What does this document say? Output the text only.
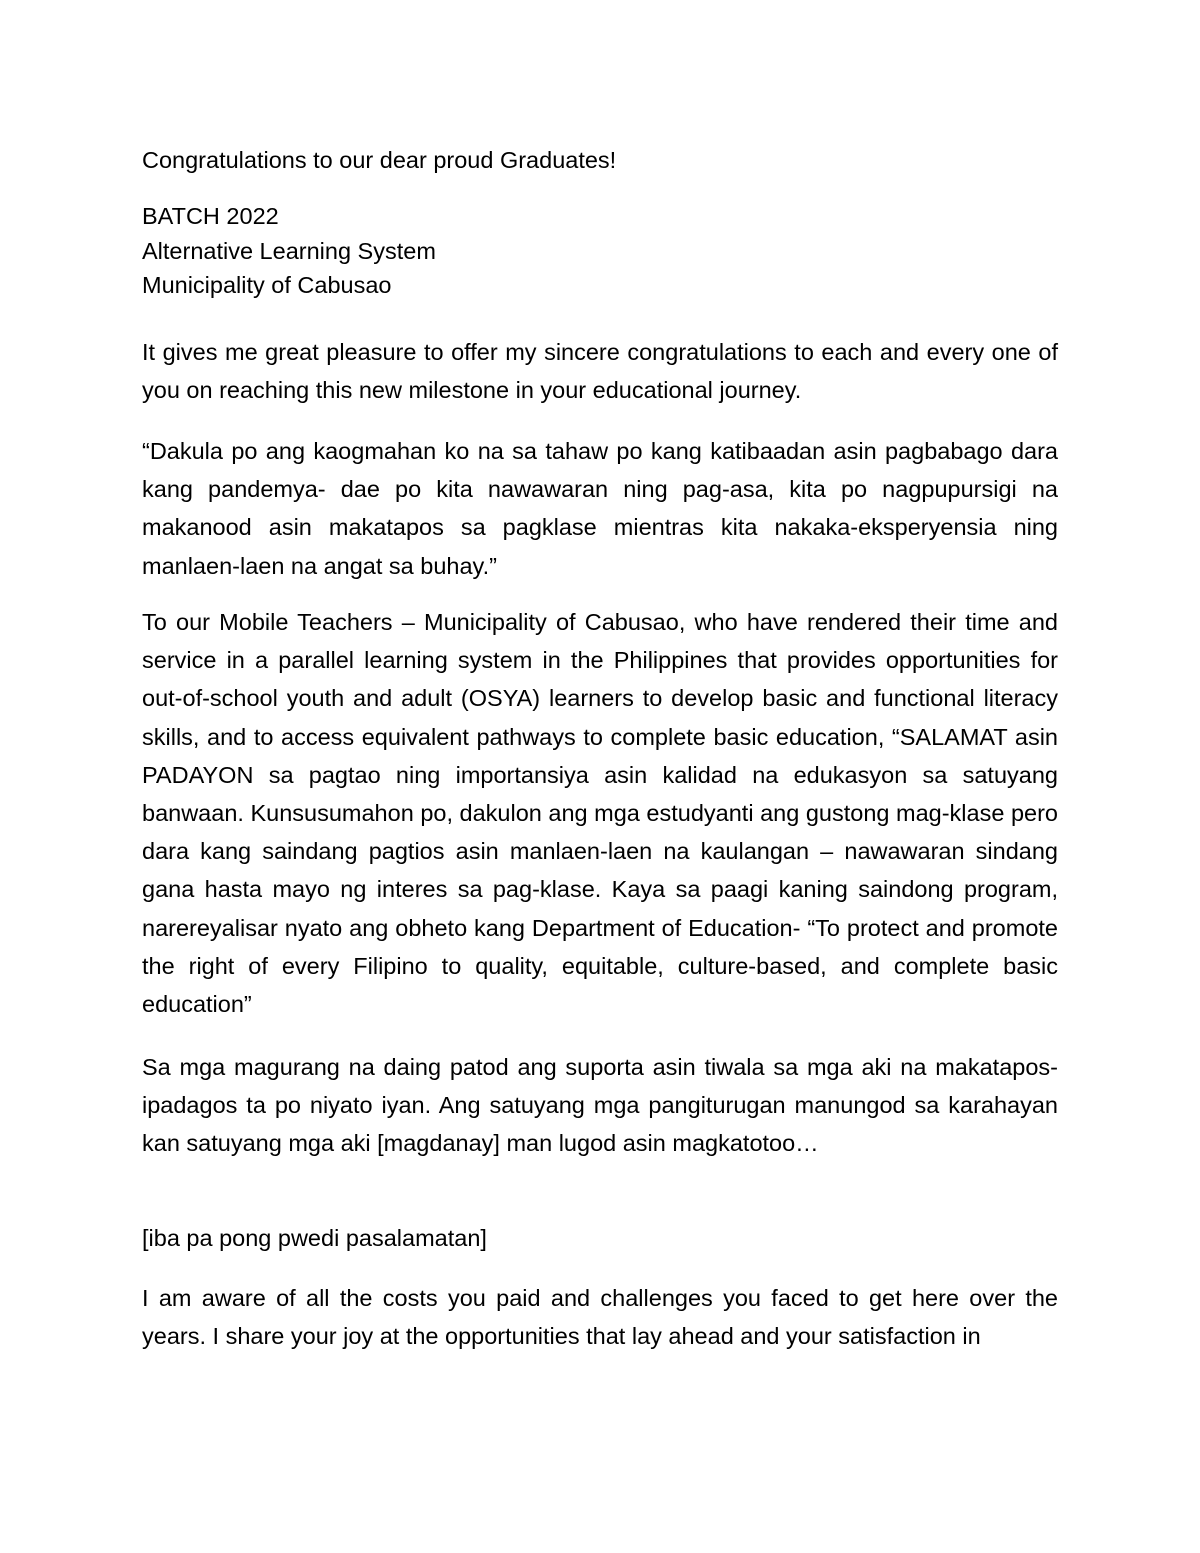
Congratulations to our dear proud Graduates!
BATCH 2022
Alternative Learning System
Municipality of Cabusao

It gives me great pleasure to offer my sincere congratulations to each and every one of you on reaching this new milestone in your educational journey.

“Dakula po ang kaogmahan ko na sa tahaw po kang katibaadan asin pagbabago dara kang pandemya- dae po kita nawawaran ning pag-asa, kita po nagpupursigi na makanood asin makatapos sa pagklase mientras kita nakaka-eksperyensia ning manlaen-laen na angat sa buhay.”

To our Mobile Teachers – Municipality of Cabusao, who have rendered their time and service in a parallel learning system in the Philippines that provides opportunities for out-of-school youth and adult (OSYA) learners to develop basic and functional literacy skills, and to access equivalent pathways to complete basic education, “SALAMAT asin PADAYON sa pagtao ning importansiya asin kalidad na edukasyon sa satuyang banwaan. Kunsusumahon po, dakulon ang mga estudyanti ang gustong mag-klase pero dara kang saindang pagtios asin manlaen-laen na kaulangan – nawawaran sindang gana hasta mayo ng interes sa pag-klase. Kaya sa paagi kaning saindong program, narereyalisar nyato ang obheto kang Department of Education- “To protect and promote the right of every Filipino to quality, equitable, culture-based, and complete basic education”

Sa mga magurang na daing patod ang suporta asin tiwala sa mga aki na makatapos- ipadagos ta po niyato iyan. Ang satuyang mga pangiturugan manungod sa karahayan kan satuyang mga aki [magdanay] man lugod asin magkatotoo…

[iba pa pong pwedi pasalamatan]

I am aware of all the costs you paid and challenges you faced to get here over the years. I share your joy at the opportunities that lay ahead and your satisfaction in
